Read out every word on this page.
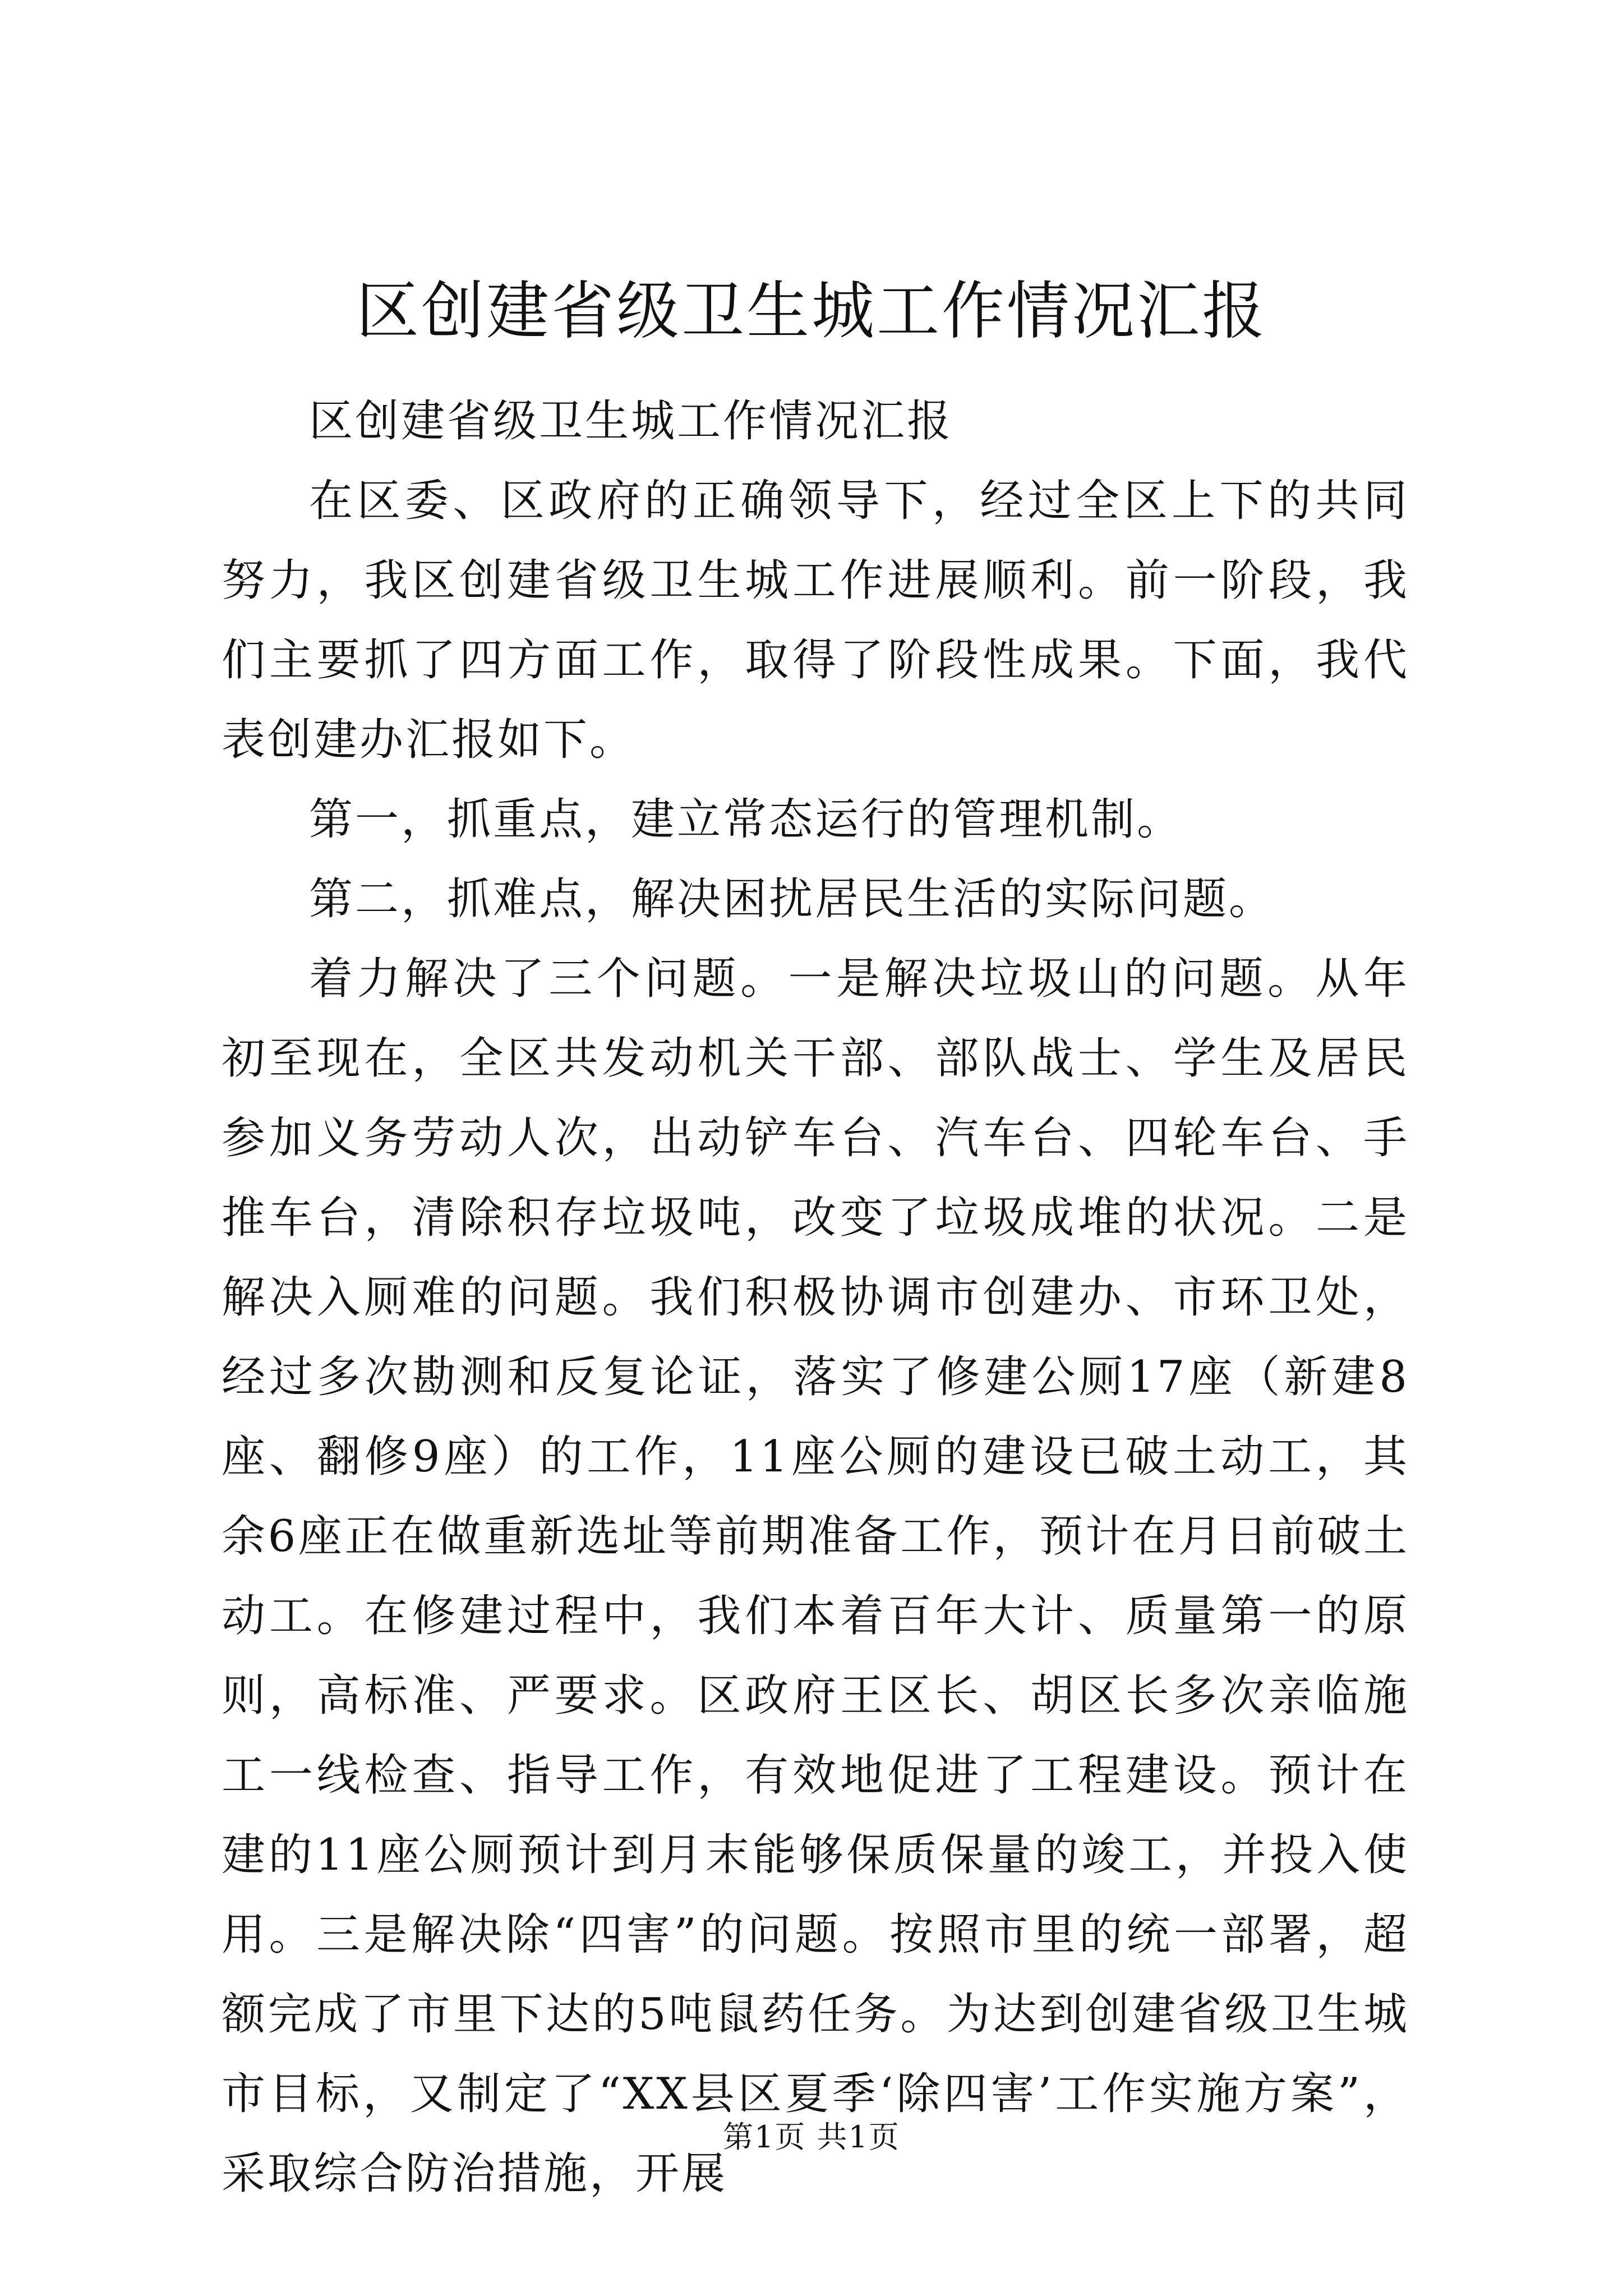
区创建省级卫生城工作情况汇报

区创建省级卫生城工作情况汇报

在区委、区政府的正确领导下，经过全区上下的共同努力，我区创建省级卫生城工作进展顺利。前一阶段，我们主要抓了四方面工作，取得了阶段性成果。下面，我代表创建办汇报如下。

第一，抓重点，建立常态运行的管理机制。

第二，抓难点，解决困扰居民生活的实际问题。

着力解决了三个问题。一是解决垃圾山的问题。从年初至现在，全区共发动机关干部、部队战士、学生及居民参加义务劳动人次，出动铲车台、汽车台、四轮车台、手推车台，清除积存垃圾吨，改变了垃圾成堆的状况。二是解决入厕难的问题。我们积极协调市创建办、市环卫处，经过多次勘测和反复论证，落实了修建公厕17座（新建8座、翻修9座）的工作，11座公厕的建设已破土动工，其余6座正在做重新选址等前期准备工作，预计在月日前破土动工。在修建过程中，我们本着百年大计、质量第一的原则，高标准、严要求。区政府王区长、胡区长多次亲临施工一线检查、指导工作，有效地促进了工程建设。预计在建的11座公厕预计到月末能够保质保量的竣工，并投入使用。三是解决除“四害”的问题。按照市里的统一部署，超额完成了市里下达的5吨鼠药任务。为达到创建省级卫生城市目标，又制定了“XX县区夏季‘除四害’工作实施方案”，采取综合防治措施，开展

第1页 共1页
